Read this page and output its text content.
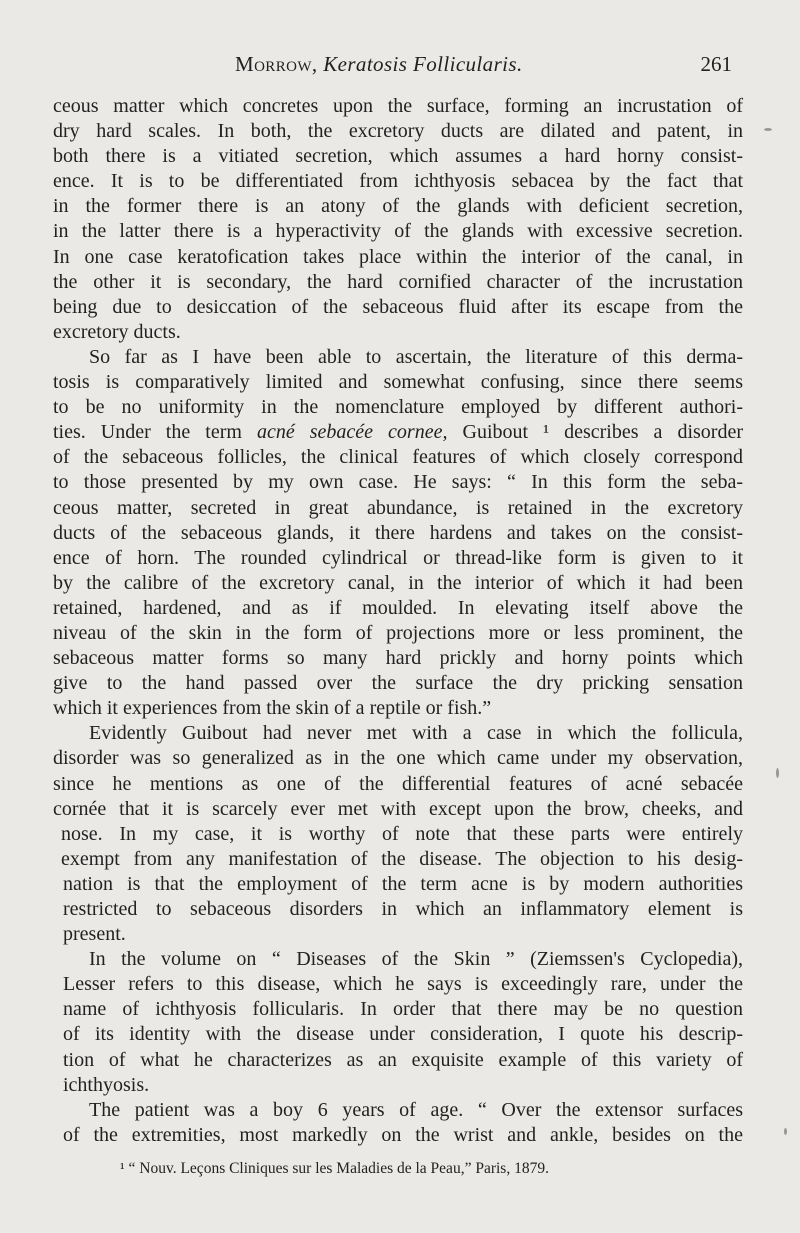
Morrow, Keratosis Follicularis.	261
ceous matter which concretes upon the surface, forming an incrustation of
dry hard scales. In both, the excretory ducts are dilated and patent, in
both there is a vitiated secretion, which assumes a hard horny consist-
ence. It is to be differentiated from ichthyosis sebacea by the fact that
in the former there is an atony of the glands with deficient secretion,
in the latter there is a hyperactivity of the glands with excessive secretion.
In one case keratofication takes place within the interior of the canal, in
the other it is secondary, the hard cornified character of the incrustation
being due to desiccation of the sebaceous fluid after its escape from the
excretory ducts.
So far as I have been able to ascertain, the literature of this derma-
tosis is comparatively limited and somewhat confusing, since there seems
to be no uniformity in the nomenclature employed by different authori-
ties. Under the term acné sebacée cornee, Guibout ¹ describes a disorder
of the sebaceous follicles, the clinical features of which closely correspond
to those presented by my own case. He says: “ In this form the seba-
ceous matter, secreted in great abundance, is retained in the excretory
ducts of the sebaceous glands, it there hardens and takes on the consist-
ence of horn. The rounded cylindrical or thread-like form is given to it
by the calibre of the excretory canal, in the interior of which it had been
retained, hardened, and as if moulded. In elevating itself above the
niveau of the skin in the form of projections more or less prominent, the
sebaceous matter forms so many hard prickly and horny points which
give to the hand passed over the surface the dry pricking sensation
which it experiences from the skin of a reptile or fish.”
Evidently Guibout had never met with a case in which the follicula,
disorder was so generalized as in the one which came under my observation,
since he mentions as one of the differential features of acné sebacée
cornée that it is scarcely ever met with except upon the brow, cheeks, and
nose. In my case, it is worthy of note that these parts were entirely
exempt from any manifestation of the disease. The objection to his desig-
nation is that the employment of the term acne is by modern authorities
restricted to sebaceous disorders in which an inflammatory element is
present.
In the volume on “ Diseases of the Skin ” (Ziemssen's Cyclopedia),
Lesser refers to this disease, which he says is exceedingly rare, under the
name of ichthyosis follicularis. In order that there may be no question
of its identity with the disease under consideration, I quote his descrip-
tion of what he characterizes as an exquisite example of this variety of
ichthyosis.
The patient was a boy 6 years of age. “ Over the extensor surfaces
of the extremities, most markedly on the wrist and ankle, besides on the
¹ “ Nouv. Leçons Cliniques sur les Maladies de la Peau,” Paris, 1879.
